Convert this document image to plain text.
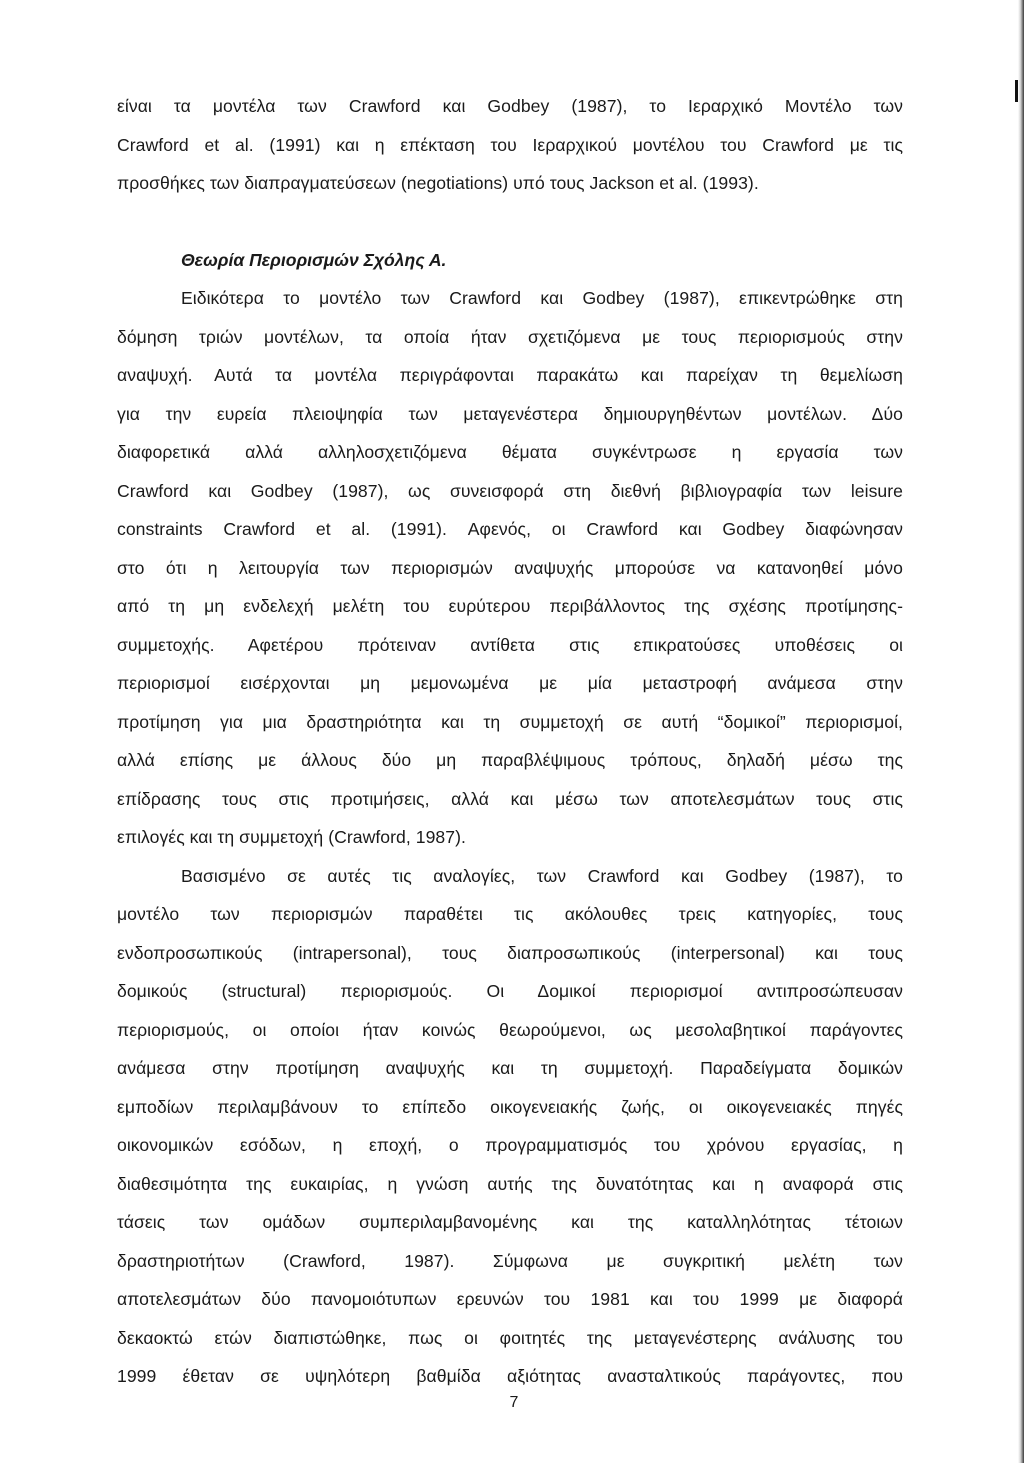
είναι τα μοντέλα των Crawford και Godbey (1987), το Ιεραρχικό Μοντέλο των
Crawford et al. (1991) και η επέκταση του Ιεραρχικού μοντέλου του Crawford με τις
προσθήκες των διαπραγματεύσεων (negotiations) υπό τους Jackson et al. (1993).
Θεωρία Περιορισμών Σχόλης Α.
Ειδικότερα το μοντέλο των Crawford και Godbey (1987), επικεντρώθηκε στη
δόμηση τριών μοντέλων, τα οποία ήταν σχετιζόμενα με τους περιορισμούς στην
αναψυχή. Αυτά τα μοντέλα περιγράφονται παρακάτω και παρείχαν τη θεμελίωση
για την ευρεία πλειοψηφία των μεταγενέστερα δημιουργηθέντων μοντέλων. Δύο
διαφορετικά αλλά αλληλοσχετιζόμενα θέματα συγκέντρωσε η εργασία των
Crawford και Godbey (1987), ως συνεισφορά στη διεθνή βιβλιογραφία των leisure
constraints Crawford et al. (1991). Αφενός, οι Crawford και Godbey διαφώνησαν
στο ότι η λειτουργία των περιορισμών αναψυχής μπορούσε να κατανοηθεί μόνο
από τη μη ενδελεχή μελέτη του ευρύτερου περιβάλλοντος της σχέσης προτίμησης-
συμμετοχής. Αφετέρου πρότειναν αντίθετα στις επικρατούσες υποθέσεις οι
περιορισμοί εισέρχονται μη μεμονωμένα με μία μεταστροφή ανάμεσα στην
προτίμηση για μια δραστηριότητα και τη συμμετοχή σε αυτή “δομικοί” περιορισμοί,
αλλά επίσης με άλλους δύο μη παραβλέψιμους τρόπους, δηλαδή μέσω της
επίδρασης τους στις προτιμήσεις, αλλά και μέσω των αποτελεσμάτων τους στις
επιλογές και τη συμμετοχή (Crawford, 1987).
Βασισμένο σε αυτές τις αναλογίες, των Crawford και Godbey (1987), το
μοντέλο των περιορισμών παραθέτει τις ακόλουθες τρεις κατηγορίες, τους
ενδοπροσωπικούς (intrapersonal), τους διαπροσωπικούς (interpersonal) και τους
δομικούς (structural) περιορισμούς. Οι Δομικοί περιορισμοί αντιπροσώπευσαν
περιορισμούς, οι οποίοι ήταν κοινώς θεωρούμενοι, ως μεσολαβητικοί παράγοντες
ανάμεσα στην προτίμηση αναψυχής και τη συμμετοχή. Παραδείγματα δομικών
εμποδίων περιλαμβάνουν το επίπεδο οικογενειακής ζωής, οι οικογενειακές πηγές
οικονομικών εσόδων, η εποχή, ο προγραμματισμός του χρόνου εργασίας, η
διαθεσιμότητα της ευκαιρίας, η γνώση αυτής της δυνατότητας και η αναφορά στις
τάσεις των ομάδων συμπεριλαμβανομένης και της καταλληλότητας τέτοιων
δραστηριοτήτων (Crawford, 1987). Σύμφωνα με συγκριτική μελέτη των
αποτελεσμάτων δύο πανομοιότυπων ερευνών του 1981 και του 1999 με διαφορά
δεκαοκτώ ετών διαπιστώθηκε, πως οι φοιτητές της μεταγενέστερης ανάλυσης του
1999 έθεταν σε υψηλότερη βαθμίδα αξιότητας ανασταλτικούς παράγοντες, που
7
